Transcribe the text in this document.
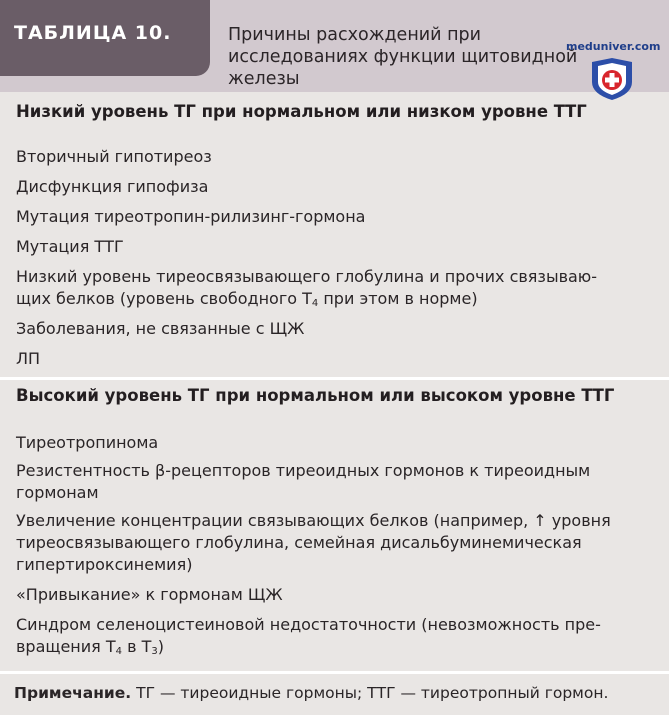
ТАБЛИЦА 10.	Причины расхождений при исследованиях функции щитовидной железы
meduniver.com
Низкий уровень ТГ при нормальном или низком уровне ТТГ
Вторичный гипотиреоз
Дисфункция гипофиза
Мутация тиреотропин-рилизинг-гормона
Мутация ТТГ
Низкий уровень тиреосвязывающего глобулина и прочих связываю-
щих белков (уровень свободного $Т_4$ при этом в норме)
Заболевания, не связанные с ЩЖ
ЛП
Высокий уровень ТГ при нормальном или высоком уровне ТТГ
Тиреотропинома
Резистентность β-рецепторов тиреоидных гормонов к тиреоидным
гормонам
Увеличение концентрации связывающих белков (например, ↑ уровня
тиреосвязывающего глобулина, семейная дисальбуминемическая
гипертироксинемия)
«Привыкание» к гормонам ЩЖ
Синдром селеноцистеиновой недостаточности (невозможность пре-
вращения $Т_4$ в $Т_3$)
Примечание. ТГ — тиреоидные гормоны; ТТГ — тиреотропный гормон.
